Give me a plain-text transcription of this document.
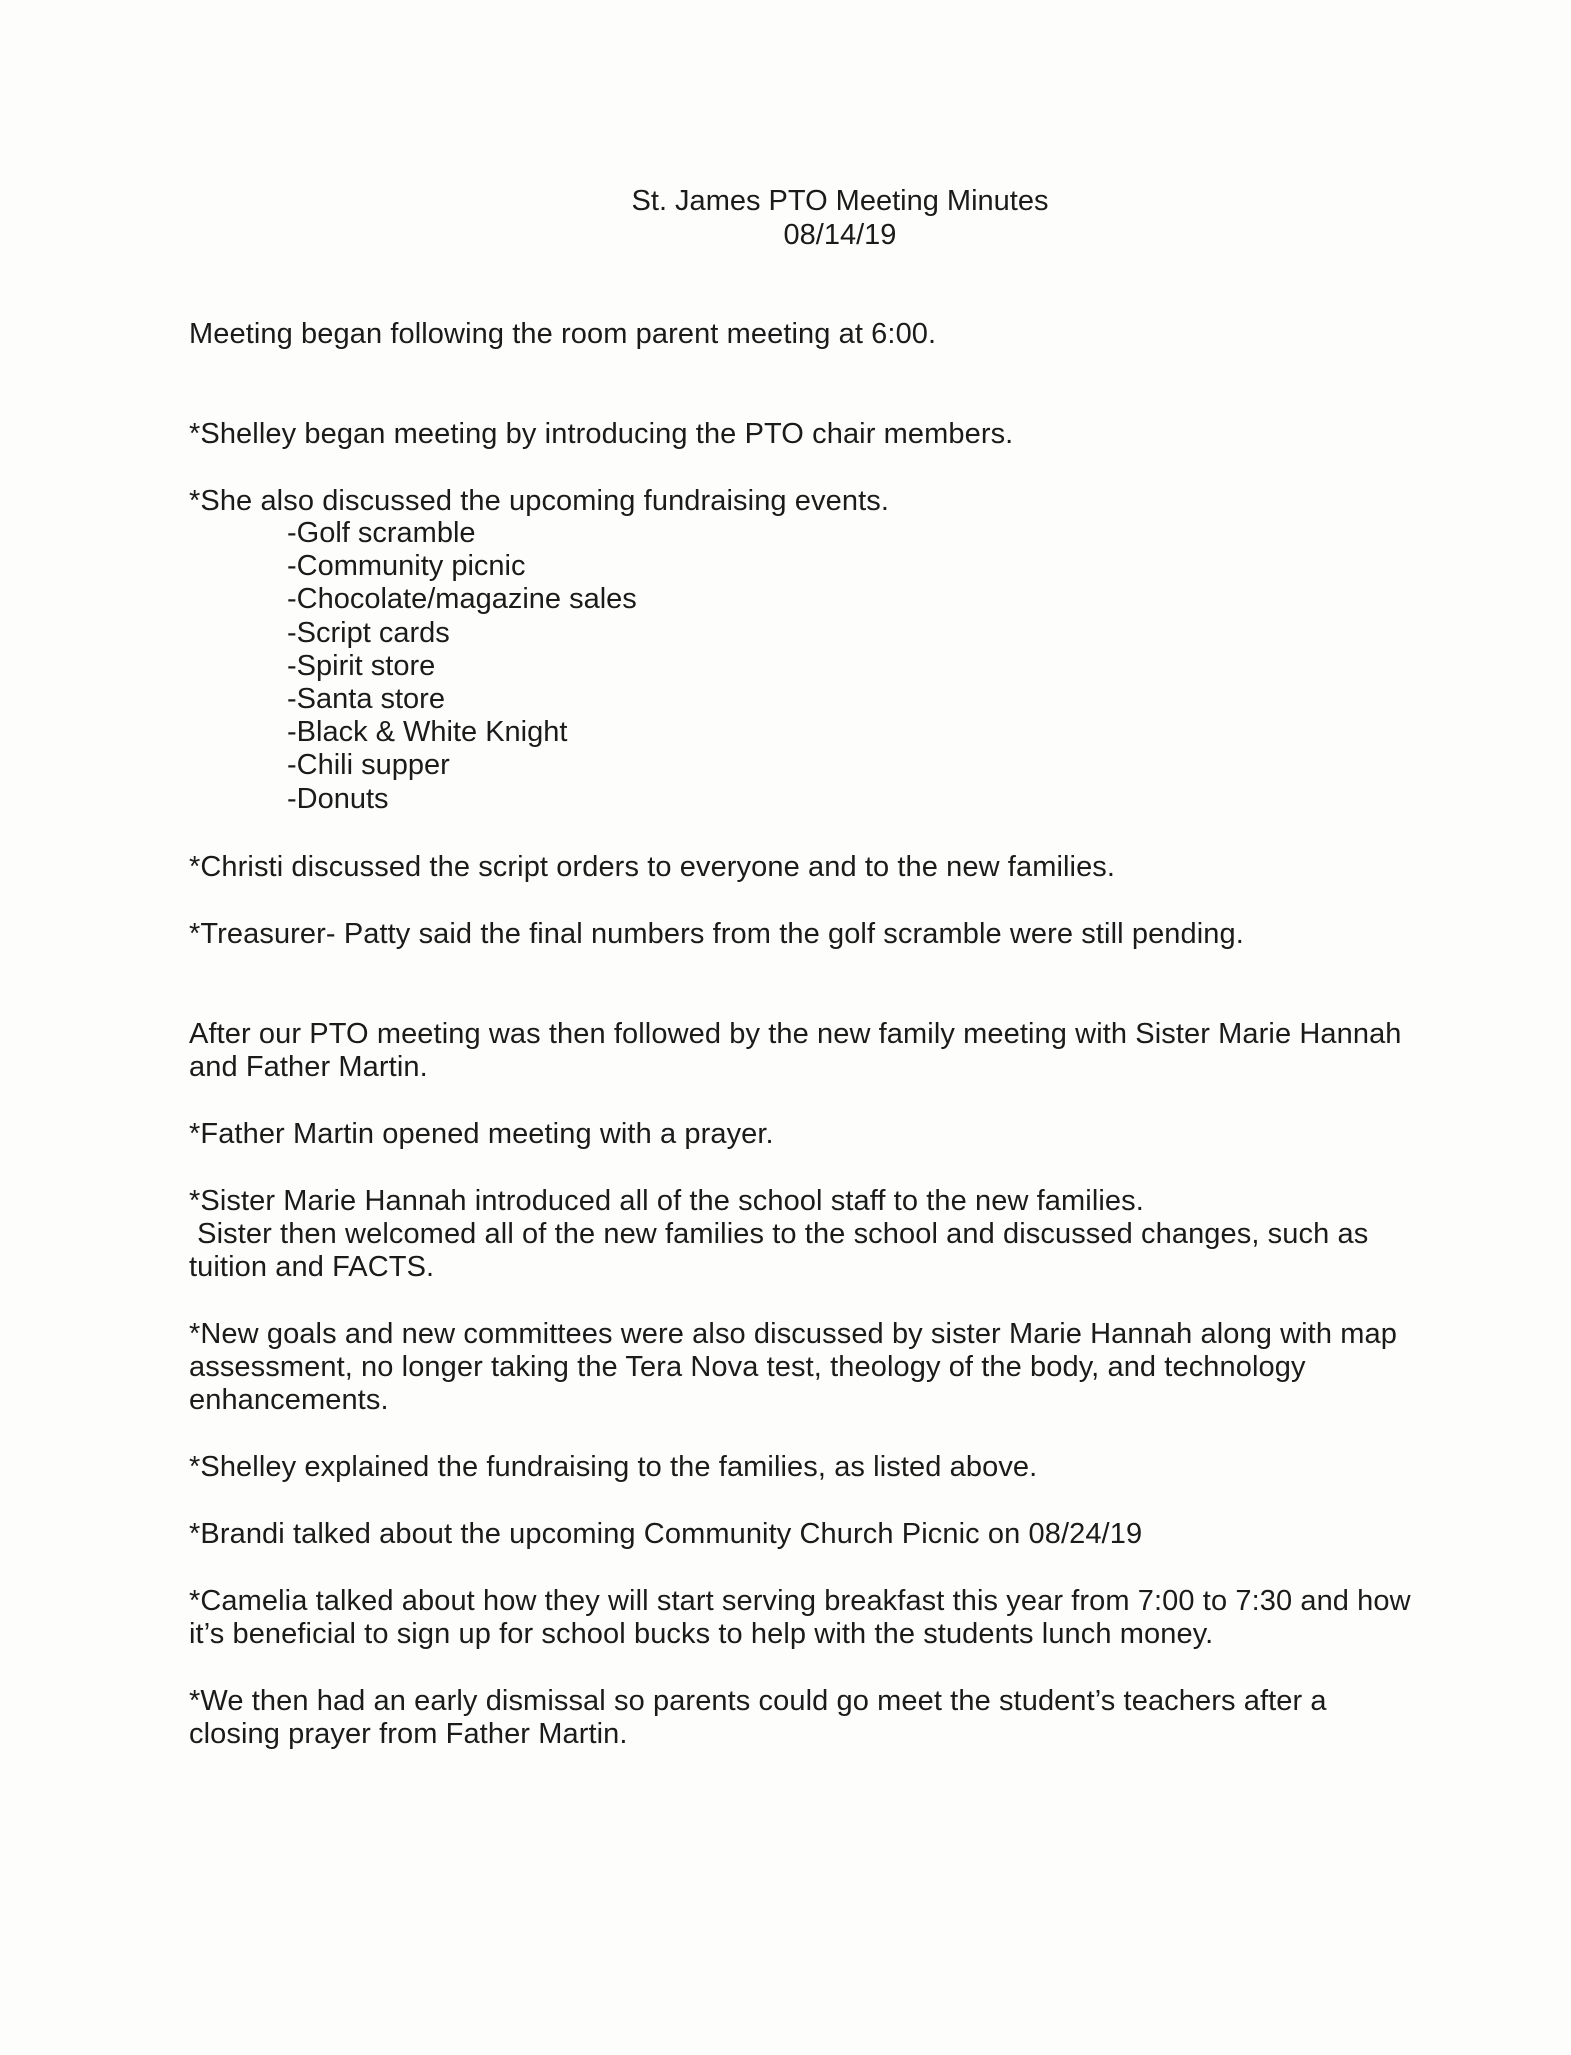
St. James PTO Meeting Minutes
08/14/19
Meeting began following the room parent meeting at 6:00.
*Shelley began meeting by introducing the PTO chair members.
*She also discussed the upcoming fundraising events.
-Golf scramble
-Community picnic
-Chocolate/magazine sales
-Script cards
-Spirit store
-Santa store
-Black & White Knight
-Chili supper
-Donuts
*Christi discussed the script orders to everyone and to the new families.
*Treasurer- Patty said the final numbers from the golf scramble were still pending.
After our PTO meeting was then followed by the new family meeting with Sister Marie Hannah
and Father Martin.
*Father Martin opened meeting with a prayer.
*Sister Marie Hannah introduced all of the school staff to the new families.
Sister then welcomed all of the new families to the school and discussed changes, such as
tuition and FACTS.
*New goals and new committees were also discussed by sister Marie Hannah along with map
assessment, no longer taking the Tera Nova test, theology of the body, and technology
enhancements.
*Shelley explained the fundraising to the families, as listed above.
*Brandi talked about the upcoming Community Church Picnic on 08/24/19
*Camelia talked about how they will start serving breakfast this year from 7:00 to 7:30 and how
it’s beneficial to sign up for school bucks to help with the students lunch money.
*We then had an early dismissal so parents could go meet the student’s teachers after a
closing prayer from Father Martin.
